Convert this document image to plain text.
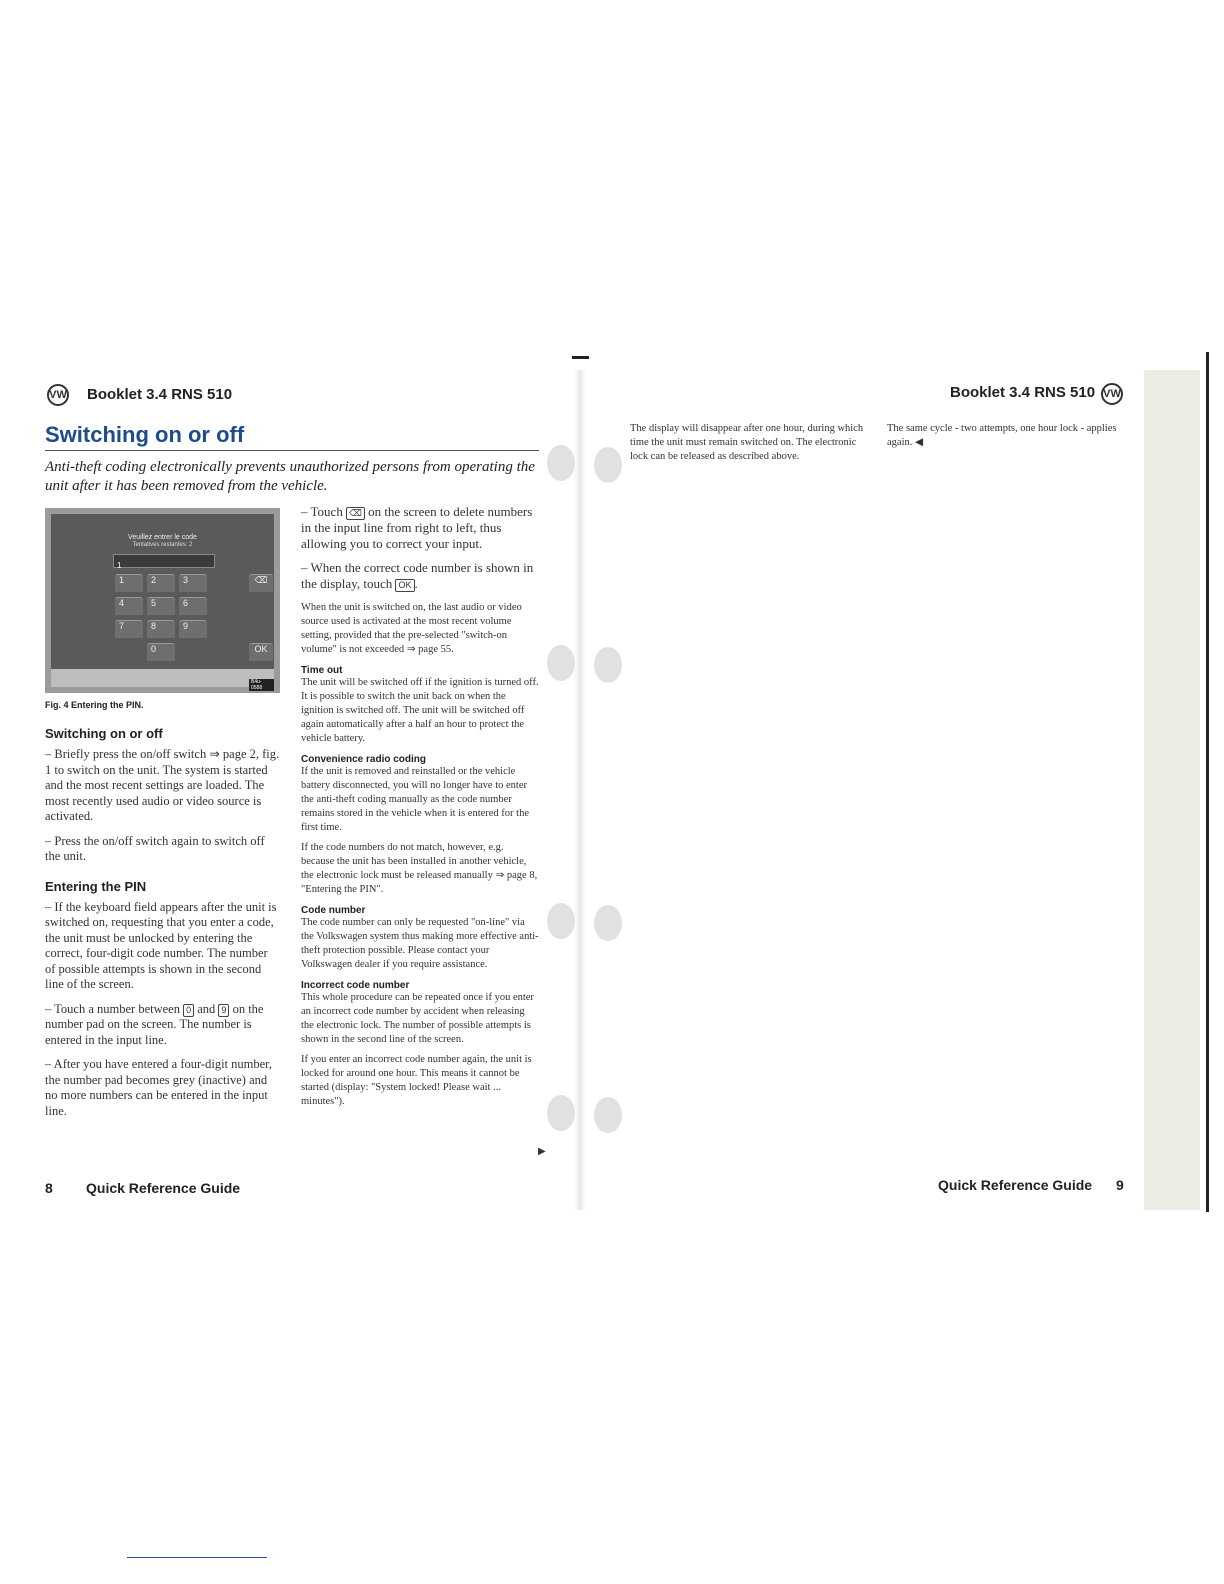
VW Booklet 3.4 RNS 510
Switching on or off
Anti-theft coding electronically prevents unauthorized persons from operating the unit after it has been removed from the vehicle.
Veuillez entrer le code
Tentatives restantes: 2
1
1	2	3
4	5	6
7	8	9
0
⌫
OK
B4u-0588
Fig. 4 Entering the PIN.
Switching on or off

– Briefly press the on/off switch ⇒ page 2, fig. 1 to switch on the unit. The system is started and the most recent settings are loaded. The most recently used audio or video source is activated.

– Press the on/off switch again to switch off the unit.

Entering the PIN

– If the keyboard field appears after the unit is switched on, requesting that you enter a code, the unit must be unlocked by entering the correct, four-digit code number. The number of possible attempts is shown in the second line of the screen.

– Touch a number between 0 and 9 on the number pad on the screen. The number is entered in the input line.

– After you have entered a four-digit number, the number pad becomes grey (inactive) and no more numbers can be entered in the input line.

– Touch ⌫ on the screen to delete numbers in the input line from right to left, thus allowing you to correct your input.

– When the correct code number is shown in the display, touch OK .

When the unit is switched on, the last audio or video source used is activated at the most recent volume setting, provided that the pre-selected "switch-on volume" is not exceeded ⇒ page 55.

Time out

The unit will be switched off if the ignition is turned off. It is possible to switch the unit back on when the ignition is switched off. The unit will be switched off again automatically after a half an hour to protect the vehicle battery.

Convenience radio coding

If the unit is removed and reinstalled or the vehicle battery disconnected, you will no longer have to enter the anti-theft coding manually as the code number remains stored in the vehicle when it is entered for the first time.

If the code numbers do not match, however, e.g. because the unit has been installed in another vehicle, the electronic lock must be released manually ⇒ page 8, "Entering the PIN".

Code number

The code number can only be requested "on-line" via the Volkswagen system thus making more effective anti-theft protection possible. Please contact your Volkswagen dealer if you require assistance.

Incorrect code number

This whole procedure can be repeated once if you enter an incorrect code number by accident when releasing the electronic lock. The number of possible attempts is shown in the second line of the screen.

If you enter an incorrect code number again, the unit is locked for around one hour. This means it cannot be started (display: "System locked! Please wait ... minutes").

▶
8 Quick Reference Guide
Booklet 3.4 RNS 510 VW

The display will disappear after one hour, during which time the unit must remain switched on. The electronic lock can be released as described above.

The same cycle - two attempts, one hour lock - applies again. ◀

Quick Reference Guide 9
